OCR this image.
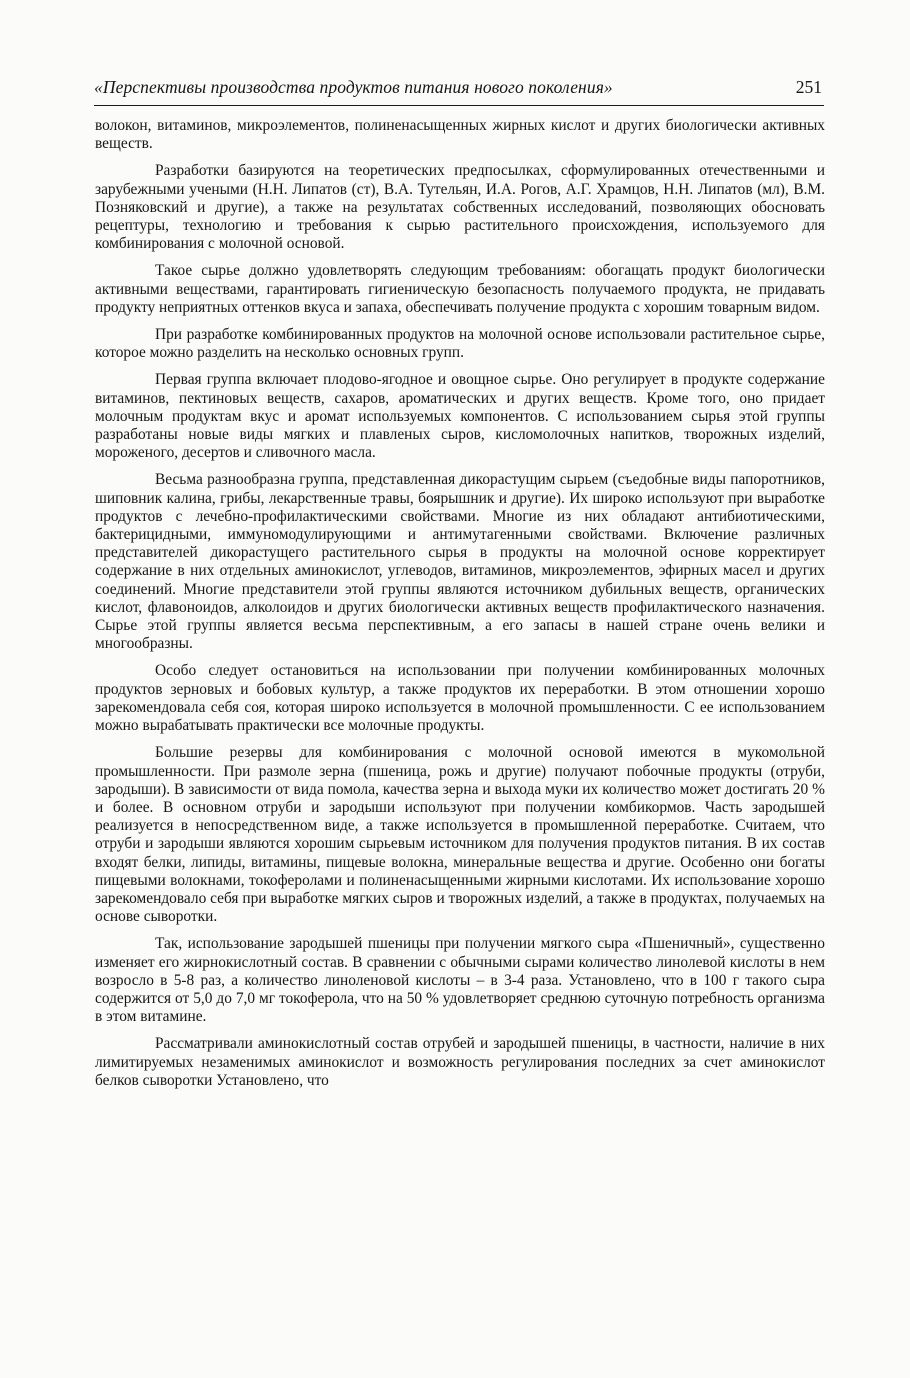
«Перспективы производства продуктов питания нового поколения»	251

волокон, витаминов, микроэлементов, полиненасыщенных жирных кислот и других биологически активных веществ.

Разработки базируются на теоретических предпосылках, сформулированных отечественными и зарубежными учеными (Н.Н. Липатов (ст), В.А. Тутельян, И.А. Рогов, А.Г. Храмцов, Н.Н. Липатов (мл), В.М. Позняковский и другие), а также на результатах собственных исследований, позволяющих обосновать рецептуры, технологию и требования к сырью растительного происхождения, используемого для комбинирования с молочной основой.

Такое сырье должно удовлетворять следующим требованиям: обогащать продукт биологически активными веществами, гарантировать гигиеническую безопасность получаемого продукта, не придавать продукту неприятных оттенков вкуса и запаха, обеспечивать получение продукта с хорошим товарным видом.

При разработке комбинированных продуктов на молочной основе использовали растительное сырье, которое можно разделить на несколько основных групп.

Первая группа включает плодово-ягодное и овощное сырье. Оно регулирует в продукте содержание витаминов, пектиновых веществ, сахаров, ароматических и других веществ. Кроме того, оно придает молочным продуктам вкус и аромат используемых компонентов. С использованием сырья этой группы разработаны новые виды мягких и плавленых сыров, кисломолочных напитков, творожных изделий, мороженого, десертов и сливочного масла.

Весьма разнообразна группа, представленная дикорастущим сырьем (съедобные виды папоротников, шиповник калина, грибы, лекарственные травы, боярышник и другие). Их широко используют при выработке продуктов с лечебно-профилактическими свойствами. Многие из них обладают антибиотическими, бактерицидными, иммуномодулирующими и антимутагенными свойствами. Включение различных представителей дикорастущего растительного сырья в продукты на молочной основе корректирует содержание в них отдельных аминокислот, углеводов, витаминов, микроэлементов, эфирных масел и других соединений. Многие представители этой группы являются источником дубильных веществ, органических кислот, флавоноидов, алколоидов и других биологически активных веществ профилактического назначения. Сырье этой группы является весьма перспективным, а его запасы в нашей стране очень велики и многообразны.

Особо следует остановиться на использовании при получении комбинированных молочных продуктов зерновых и бобовых культур, а также продуктов их переработки. В этом отношении хорошо зарекомендовала себя соя, которая широко используется в молочной промышленности. С ее использованием можно вырабатывать практически все молочные продукты.

Большие резервы для комбинирования с молочной основой имеются в мукомольной промышленности. При размоле зерна (пшеница, рожь и другие) получают побочные продукты (отруби, зародыши). В зависимости от вида помола, качества зерна и выхода муки их количество может достигать 20 % и более. В основном отруби и зародыши используют при получении комбикормов. Часть зародышей реализуется в непосредственном виде, а также используется в промышленной переработке. Считаем, что отруби и зародыши являются хорошим сырьевым источником для получения продуктов питания. В их состав входят белки, липиды, витамины, пищевые волокна, минеральные вещества и другие. Особенно они богаты пищевыми волокнами, токоферолами и полиненасыщенными жирными кислотами. Их использование хорошо зарекомендовало себя при выработке мягких сыров и творожных изделий, а также в продуктах, получаемых на основе сыворотки.

Так, использование зародышей пшеницы при получении мягкого сыра «Пшеничный», существенно изменяет его жирнокислотный состав. В сравнении с обычными сырами количество линолевой кислоты в нем возросло в 5-8 раз, а количество линоленовой кислоты – в 3-4 раза. Установлено, что в 100 г такого сыра содержится от 5,0 до 7,0 мг токоферола, что на 50 % удовлетворяет среднюю суточную потребность организма в этом витамине.

Рассматривали аминокислотный состав отрубей и зародышей пшеницы, в частности, наличие в них лимитируемых незаменимых аминокислот и возможность регулирования последних за счет аминокислот белков сыворотки Установлено, что
